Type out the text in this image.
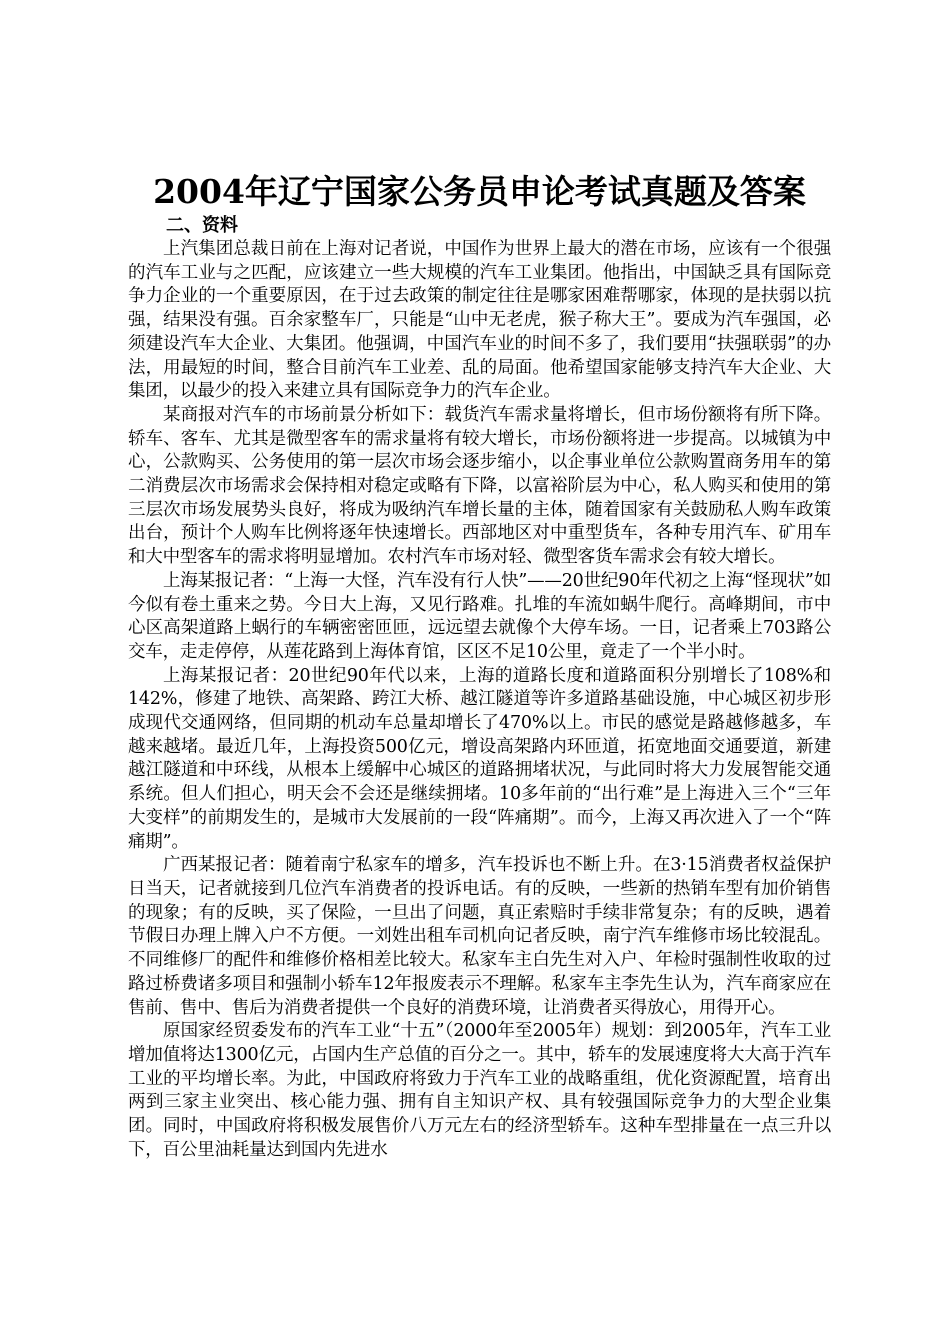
2004年辽宁国家公务员申论考试真题及答案
二、资料

上汽集团总裁日前在上海对记者说，中国作为世界上最大的潜在市场，应该有一个很强的汽车工业与之匹配，应该建立一些大规模的汽车工业集团。他指出，中国缺乏具有国际竞争力企业的一个重要原因，在于过去政策的制定往往是哪家困难帮哪家，体现的是扶弱以抗强，结果没有强。百余家整车厂，只能是“山中无老虎，猴子称大王”。要成为汽车强国，必须建设汽车大企业、大集团。他强调，中国汽车业的时间不多了，我们要用“扶强联弱”的办法，用最短的时间，整合目前汽车工业差、乱的局面。他希望国家能够支持汽车大企业、大集团，以最少的投入来建立具有国际竞争力的汽车企业。

某商报对汽车的市场前景分析如下：载货汽车需求量将增长，但市场份额将有所下降。轿车、客车、尤其是微型客车的需求量将有较大增长，市场份额将进一步提高。以城镇为中心，公款购买、公务使用的第一层次市场会逐步缩小，以企事业单位公款购置商务用车的第二消费层次市场需求会保持相对稳定或略有下降，以富裕阶层为中心，私人购买和使用的第三层次市场发展势头良好，将成为吸纳汽车增长量的主体，随着国家有关鼓励私人购车政策出台，预计个人购车比例将逐年快速增长。西部地区对中重型货车，各种专用汽车、矿用车和大中型客车的需求将明显增加。农村汽车市场对轻、微型客货车需求会有较大增长。

上海某报记者：“上海一大怪，汽车没有行人快”——20世纪90年代初之上海“怪现状”如今似有卷土重来之势。今日大上海，又见行路难。扎堆的车流如蜗牛爬行。高峰期间，市中心区高架道路上蜗行的车辆密密匝匝，远远望去就像个大停车场。一日，记者乘上703路公交车，走走停停，从莲花路到上海体育馆，区区不足10公里，竟走了一个半小时。

上海某报记者：20世纪90年代以来，上海的道路长度和道路面积分别增长了108%和142%，修建了地铁、高架路、跨江大桥、越江隧道等许多道路基础设施，中心城区初步形成现代交通网络，但同期的机动车总量却增长了470%以上。市民的感觉是路越修越多，车越来越堵。最近几年，上海投资500亿元，增设高架路内环匝道，拓宽地面交通要道，新建越江隧道和中环线，从根本上缓解中心城区的道路拥堵状况，与此同时将大力发展智能交通系统。但人们担心，明天会不会还是继续拥堵。10多年前的“出行难”是上海进入三个“三年大变样”的前期发生的，是城市大发展前的一段“阵痛期”。而今，上海又再次进入了一个“阵痛期”。

广西某报记者：随着南宁私家车的增多，汽车投诉也不断上升。在3·15消费者权益保护日当天，记者就接到几位汽车消费者的投诉电话。有的反映，一些新的热销车型有加价销售的现象；有的反映，买了保险，一旦出了问题，真正索赔时手续非常复杂；有的反映，遇着节假日办理上牌入户不方便。一刘姓出租车司机向记者反映，南宁汽车维修市场比较混乱。不同维修厂的配件和维修价格相差比较大。私家车主白先生对入户、年检时强制性收取的过路过桥费诸多项目和强制小轿车12年报废表示不理解。私家车主李先生认为，汽车商家应在售前、售中、售后为消费者提供一个良好的消费环境，让消费者买得放心，用得开心。

原国家经贸委发布的汽车工业“十五”（2000年至2005年）规划：到2005年，汽车工业增加值将达1300亿元，占国内生产总值的百分之一。其中，轿车的发展速度将大大高于汽车工业的平均增长率。为此，中国政府将致力于汽车工业的战略重组，优化资源配置，培育出两到三家主业突出、核心能力强、拥有自主知识产权、具有较强国际竞争力的大型企业集团。同时，中国政府将积极发展售价八万元左右的经济型轿车。这种车型排量在一点三升以下，百公里油耗量达到国内先进水
